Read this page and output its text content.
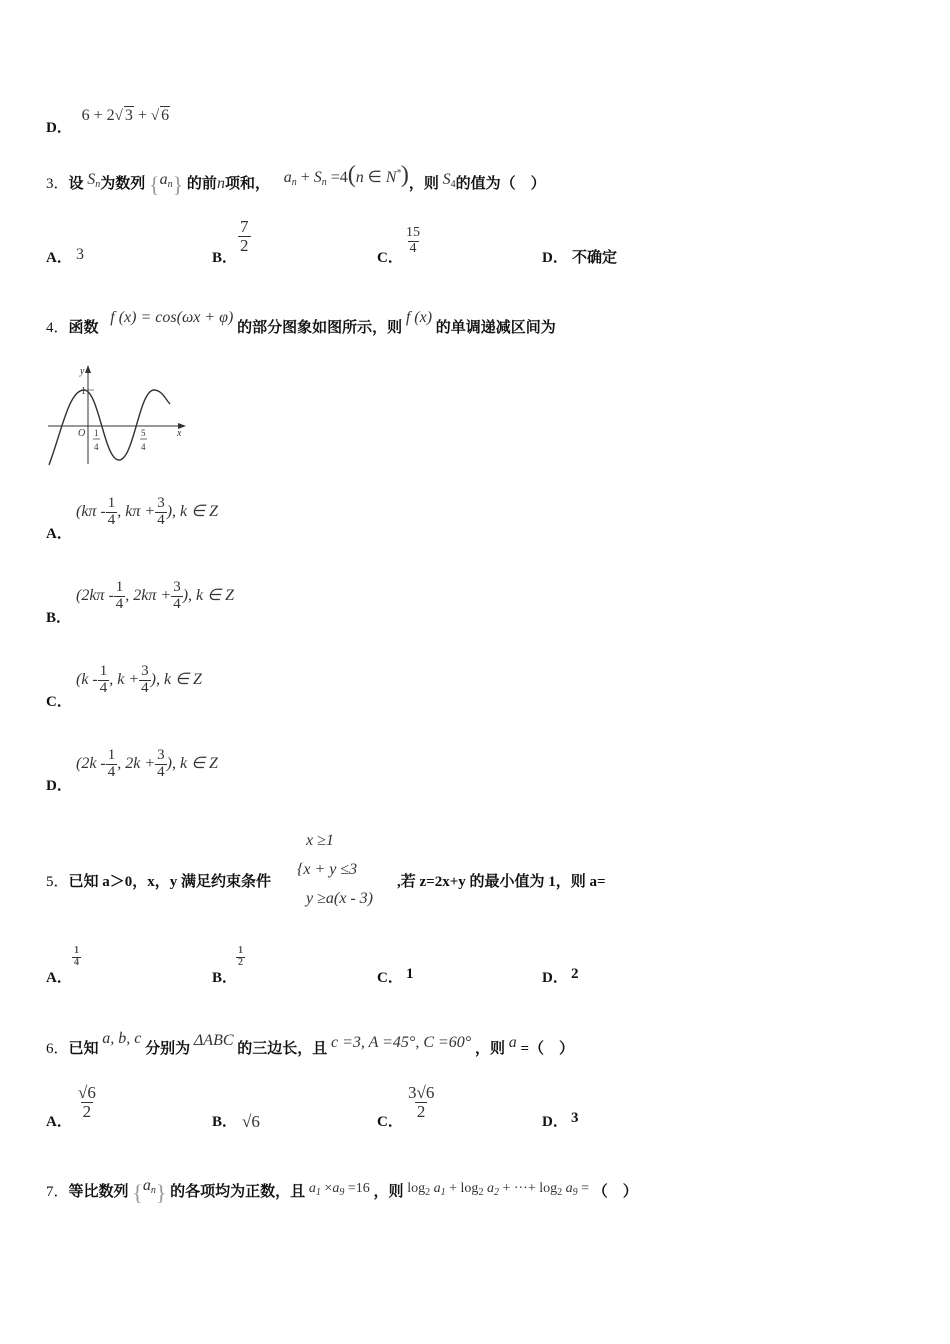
D． 6 + 2√ 3 + √ 6
3．设 $S_n$为数列 $\{a_n\}$ 的前n项和， $a_n + S_n =4(n$ ∈ N*)，则 $S_4$的值为（　）
A． 3	B．
$\frac{7}{2}$
C．
$\frac{15}{4}$
D． 不确定
4．函数 f (x) = cos(ωx + φ) 的部分图象如图所示，则 f (x) 的单调递减区间为
y
1
O	x
1
4
5
4
A．
($k\pi - \frac{1}{4}$ , $k\pi + \frac{3}{4}$ ), k ∈ Z
B．
($2k\pi - \frac{1}{4}$ , $2k\pi + \frac{3}{4}$ ), k ∈ Z
C．
($k - \frac{1}{4}$ , $k + \frac{3}{4}$ ), k ∈ Z
D．
($2k - \frac{1}{4}$ , $2k + \frac{3}{4}$ ), k ∈ Z
x ≥1
5．已知 a＞0，x，y 满足约束条件
{x + y ≤3
,若 z=2x+y 的最小值为 1，则 a=
y ≥a(x - 3)
A．
$\frac{1}{4}$
B．
$\frac{1}{2}$
C． 1	D． 2
6．已知 a, b, c 分别为 ΔABC 的三边长，且 c =3, A =45°, C =60° ，则 a =（　）
A．
$\frac{√6}{2}$
B． √6	C．
$\frac{3√6}{2}$
D． 3
7．等比数列 $\{a_n\}$ 的各项均为正数，且 $a_1 \times a_9 =16$ ，则 $\log_2 a_1 + \log_2 a_2$ + ···+ $\log_2 a_9$ = （　）
